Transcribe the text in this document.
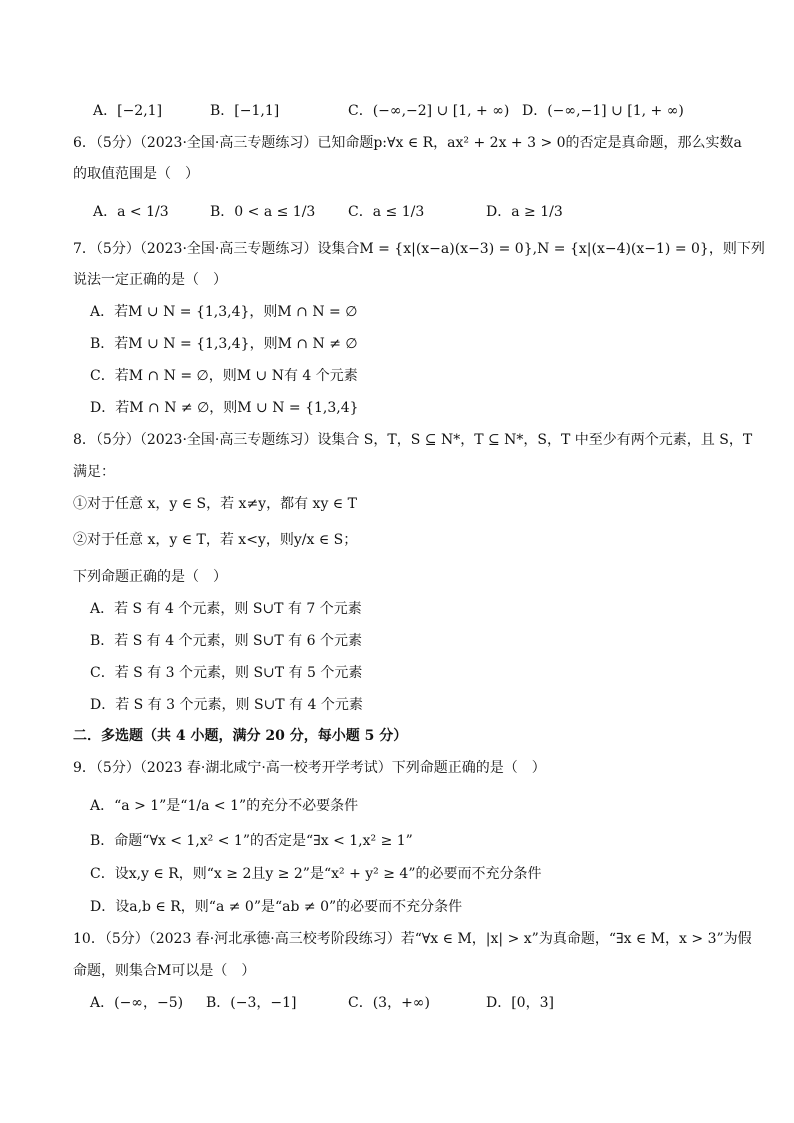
A．[−2,1]	B．[−1,1]	C．(−∞,−2] ∪ [1, + ∞) D．(−∞,−1] ∪ [1, + ∞)
6．（5分）（2023·全国·高三专题练习）已知命题p:∀x ∈ R，ax² + 2x + 3 > 0的否定是真命题，那么实数a
的取值范围是（　）
A．a < 1/3	B．0 < a ≤ 1/3 C．a ≤ 1/3	D．a ≥ 1/3
7．（5分）（2023·全国·高三专题练习）设集合M = {x|(x−a)(x−3) = 0},N = {x|(x−4)(x−1) = 0}，则下列
说法一定正确的是（　）
A．若M ∪ N = {1,3,4}，则M ∩ N = ∅
B．若M ∪ N = {1,3,4}，则M ∩ N ≠ ∅
C．若M ∩ N = ∅，则M ∪ N有 4 个元素
D．若M ∩ N ≠ ∅，则M ∪ N = {1,3,4}
8．（5分）（2023·全国·高三专题练习）设集合 S，T，S ⊆ N*，T ⊆ N*，S，T 中至少有两个元素，且 S，T
满足：
①对于任意 x，y ∈ S，若 x≠y，都有 xy ∈ T
②对于任意 x，y ∈ T，若 x<y，则y/x ∈ S；
下列命题正确的是（　）
A．若 S 有 4 个元素，则 S∪T 有 7 个元素
B．若 S 有 4 个元素，则 S∪T 有 6 个元素
C．若 S 有 3 个元素，则 S∪T 有 5 个元素
D．若 S 有 3 个元素，则 S∪T 有 4 个元素
二．多选题（共 4 小题，满分 20 分，每小题 5 分）
9．（5分）（2023 春·湖北咸宁·高一校考开学考试）下列命题正确的是（　）
A．“a > 1”是“1/a < 1”的充分不必要条件
B．命题“∀x < 1,x² < 1”的否定是“∃x < 1,x² ≥ 1”
C．设x,y ∈ R，则“x ≥ 2且y ≥ 2”是“x² + y² ≥ 4”的必要而不充分条件
D．设a,b ∈ R，则“a ≠ 0”是“ab ≠ 0”的必要而不充分条件
10．（5分）（2023 春·河北承德·高三校考阶段练习）若“∀x ∈ M，|x| > x”为真命题，“∃x ∈ M，x > 3”为假
命题，则集合M可以是（　）
A．(−∞，−5) B．(−3，−1]	C．(3，+∞)	D．[0，3]
